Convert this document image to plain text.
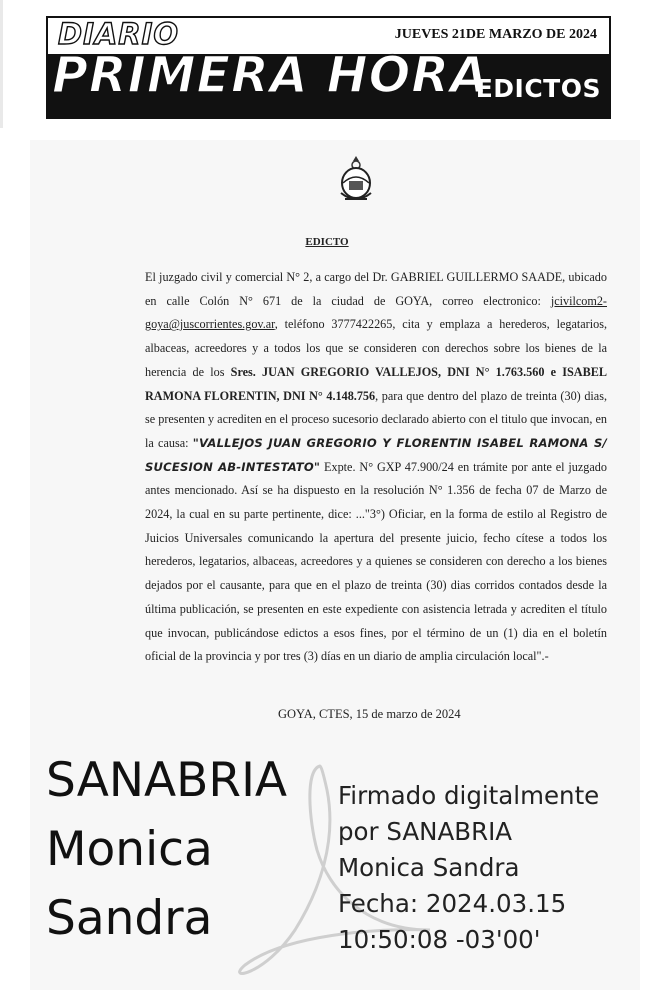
JUEVES 21DE MARZO DE 2024
DIARIO
PRIMERA HORA
EDICTOS
EDICTO
El juzgado civil y comercial N° 2, a cargo del Dr. GABRIEL GUILLERMO SAADE, ubicado en calle Colón N° 671 de la ciudad de GOYA, correo electronico: jcivilcom2-goya@juscorrientes.gov.ar, teléfono 3777422265, cita y emplaza a herederos, legatarios, albaceas, acreedores y a todos los que se consideren con derechos sobre los bienes de la herencia de los Sres. JUAN GREGORIO VALLEJOS, DNI N° 1.763.560 e ISABEL RAMONA FLORENTIN, DNI N° 4.148.756, para que dentro del plazo de treinta (30) dias, se presenten y acrediten en el proceso sucesorio declarado abierto con el titulo que invocan, en la causa: "VALLEJOS JUAN GREGORIO Y FLORENTIN ISABEL RAMONA S/ SUCESION AB-INTESTATO" Expte. N° GXP 47.900/24 en trámite por ante el juzgado antes mencionado. Así se ha dispuesto en la resolución N° 1.356 de fecha 07 de Marzo de 2024, la cual en su parte pertinente, dice: ..."3°) Oficiar, en la forma de estilo al Registro de Juicios Universales comunicando la apertura del presente juicio, fecho cítese a todos los herederos, legatarios, albaceas, acreedores y a quienes se consideren con derecho a los bienes dejados por el causante, para que en el plazo de treinta (30) dias corridos contados desde la última publicación, se presenten en este expediente con asistencia letrada y acrediten el título que invocan, publicándose edictos a esos fines, por el término de un (1) dia en el boletín oficial de la provincia y por tres (3) días en un diario de amplia circulación local".-
GOYA, CTES, 15 de marzo de 2024
SANABRIA
Monica
Sandra
Firmado digitalmente
por SANABRIA
Monica Sandra
Fecha: 2024.03.15
10:50:08 -03'00'
